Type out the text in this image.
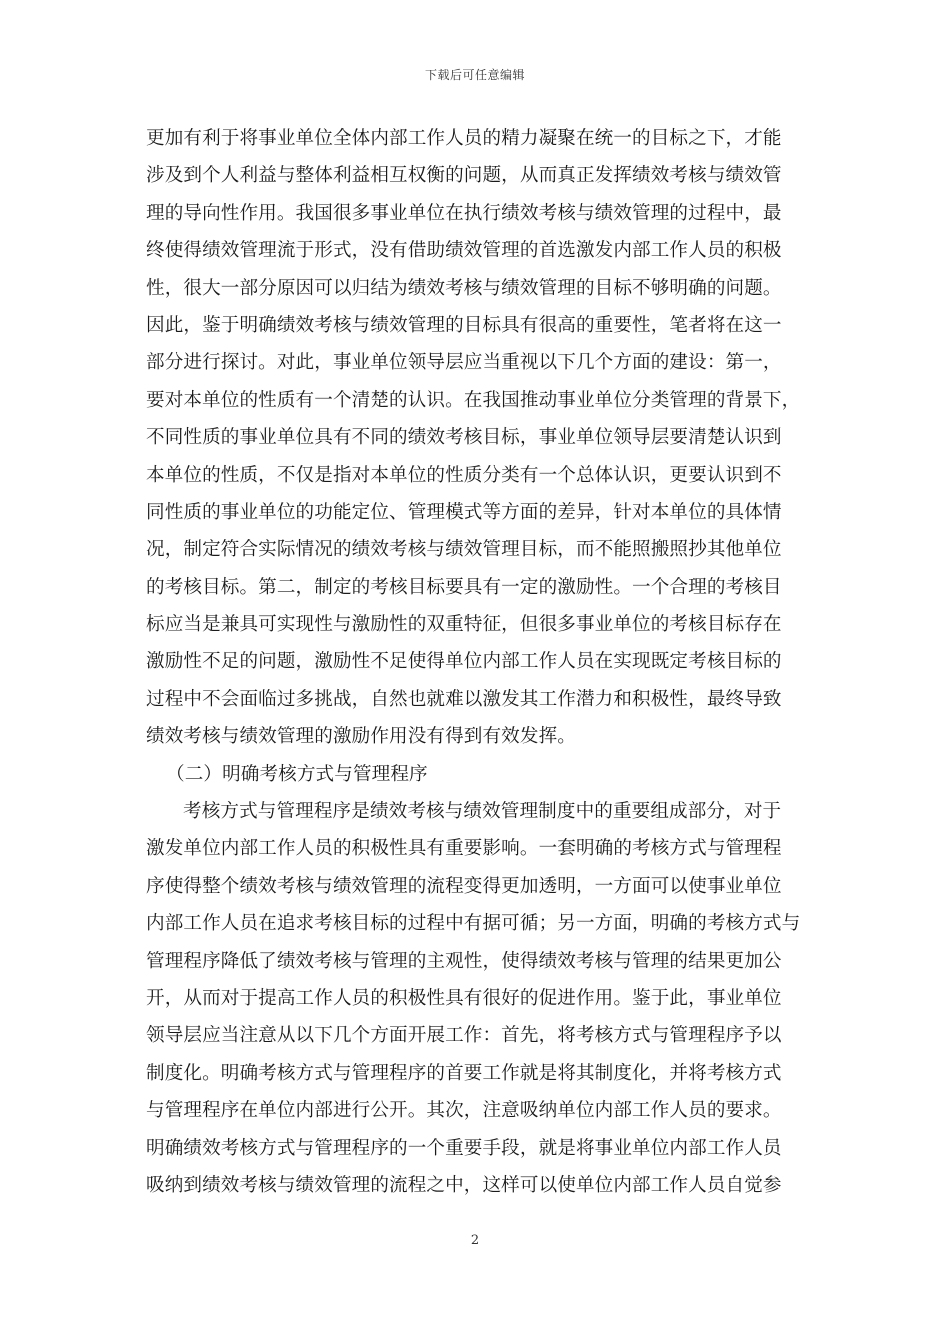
下载后可任意编辑
更加有利于将事业单位全体内部工作人员的精力凝聚在统一的目标之下，才能
涉及到个人利益与整体利益相互权衡的问题，从而真正发挥绩效考核与绩效管
理的导向性作用。我国很多事业单位在执行绩效考核与绩效管理的过程中，最
终使得绩效管理流于形式，没有借助绩效管理的首选激发内部工作人员的积极
性，很大一部分原因可以归结为绩效考核与绩效管理的目标不够明确的问题。
因此，鉴于明确绩效考核与绩效管理的目标具有很高的重要性，笔者将在这一
部分进行探讨。对此，事业单位领导层应当重视以下几个方面的建设：第一，
要对本单位的性质有一个清楚的认识。在我国推动事业单位分类管理的背景下，
不同性质的事业单位具有不同的绩效考核目标，事业单位领导层要清楚认识到
本单位的性质，不仅是指对本单位的性质分类有一个总体认识，更要认识到不
同性质的事业单位的功能定位、管理模式等方面的差异，针对本单位的具体情
况，制定符合实际情况的绩效考核与绩效管理目标，而不能照搬照抄其他单位
的考核目标。第二，制定的考核目标要具有一定的激励性。一个合理的考核目
标应当是兼具可实现性与激励性的双重特征，但很多事业单位的考核目标存在
激励性不足的问题，激励性不足使得单位内部工作人员在实现既定考核目标的
过程中不会面临过多挑战，自然也就难以激发其工作潜力和积极性，最终导致
绩效考核与绩效管理的激励作用没有得到有效发挥。
（二）明确考核方式与管理程序
考核方式与管理程序是绩效考核与绩效管理制度中的重要组成部分，对于
激发单位内部工作人员的积极性具有重要影响。一套明确的考核方式与管理程
序使得整个绩效考核与绩效管理的流程变得更加透明，一方面可以使事业单位
内部工作人员在追求考核目标的过程中有据可循；另一方面，明确的考核方式与
管理程序降低了绩效考核与管理的主观性，使得绩效考核与管理的结果更加公
开，从而对于提高工作人员的积极性具有很好的促进作用。鉴于此，事业单位
领导层应当注意从以下几个方面开展工作：首先，将考核方式与管理程序予以
制度化。明确考核方式与管理程序的首要工作就是将其制度化，并将考核方式
与管理程序在单位内部进行公开。其次，注意吸纳单位内部工作人员的要求。
明确绩效考核方式与管理程序的一个重要手段，就是将事业单位内部工作人员
吸纳到绩效考核与绩效管理的流程之中，这样可以使单位内部工作人员自觉参
2
